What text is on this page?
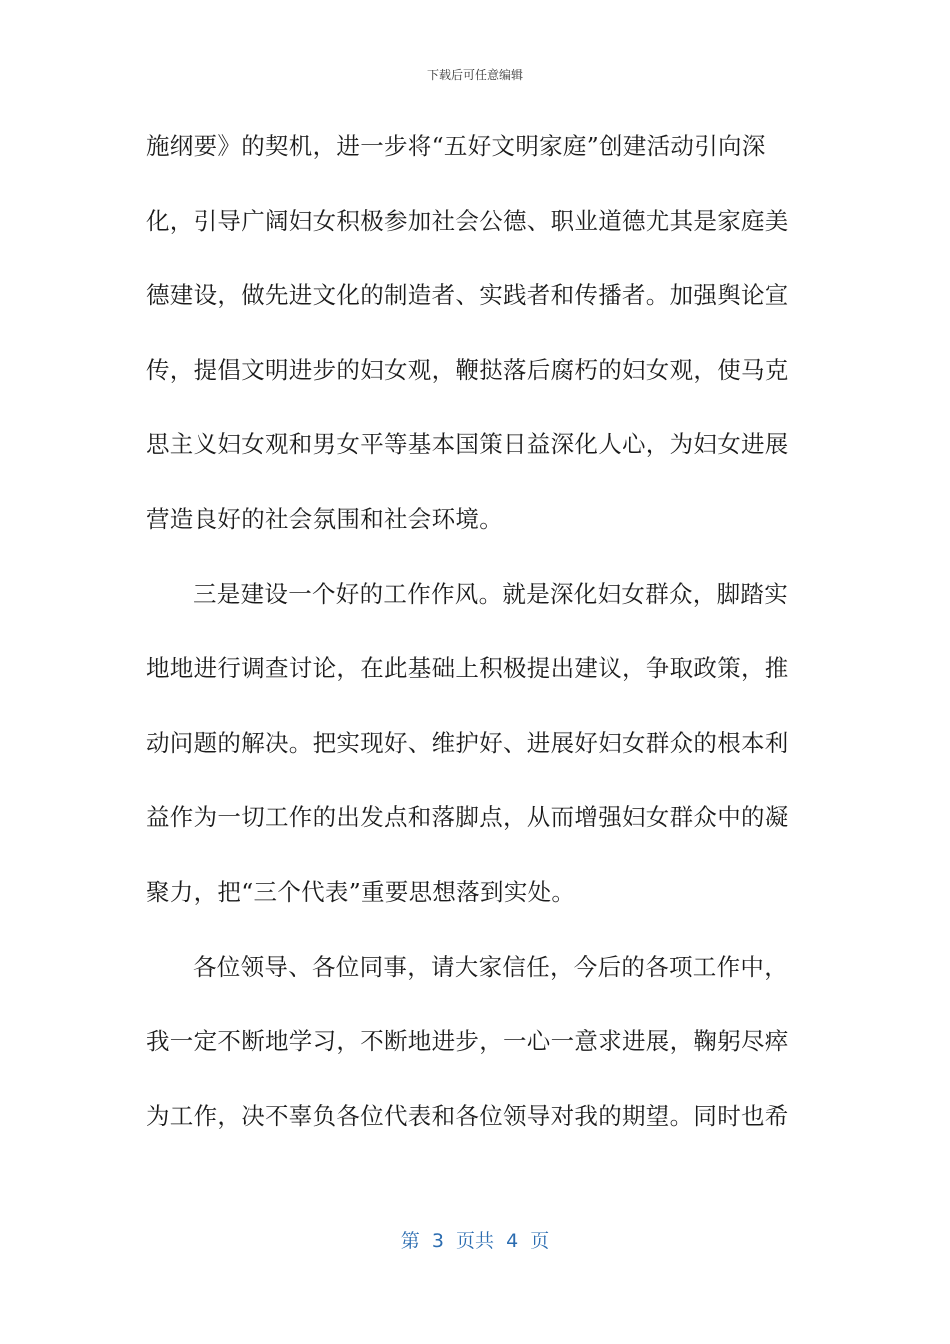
下载后可任意编辑
施纲要》的契机，进一步将“五好文明家庭”创建活动引向深
化，引导广阔妇女积极参加社会公德、职业道德尤其是家庭美
德建设，做先进文化的制造者、实践者和传播者。加强舆论宣
传，提倡文明进步的妇女观，鞭挞落后腐朽的妇女观，使马克
思主义妇女观和男女平等基本国策日益深化人心，为妇女进展
营造良好的社会氛围和社会环境。
三是建设一个好的工作作风。就是深化妇女群众，脚踏实
地地进行调查讨论，在此基础上积极提出建议，争取政策，推
动问题的解决。把实现好、维护好、进展好妇女群众的根本利
益作为一切工作的出发点和落脚点，从而增强妇女群众中的凝
聚力，把“三个代表”重要思想落到实处。
各位领导、各位同事，请大家信任，今后的各项工作中，
我一定不断地学习，不断地进步，一心一意求进展，鞠躬尽瘁
为工作，决不辜负各位代表和各位领导对我的期望。同时也希
第  3  页共  4  页
